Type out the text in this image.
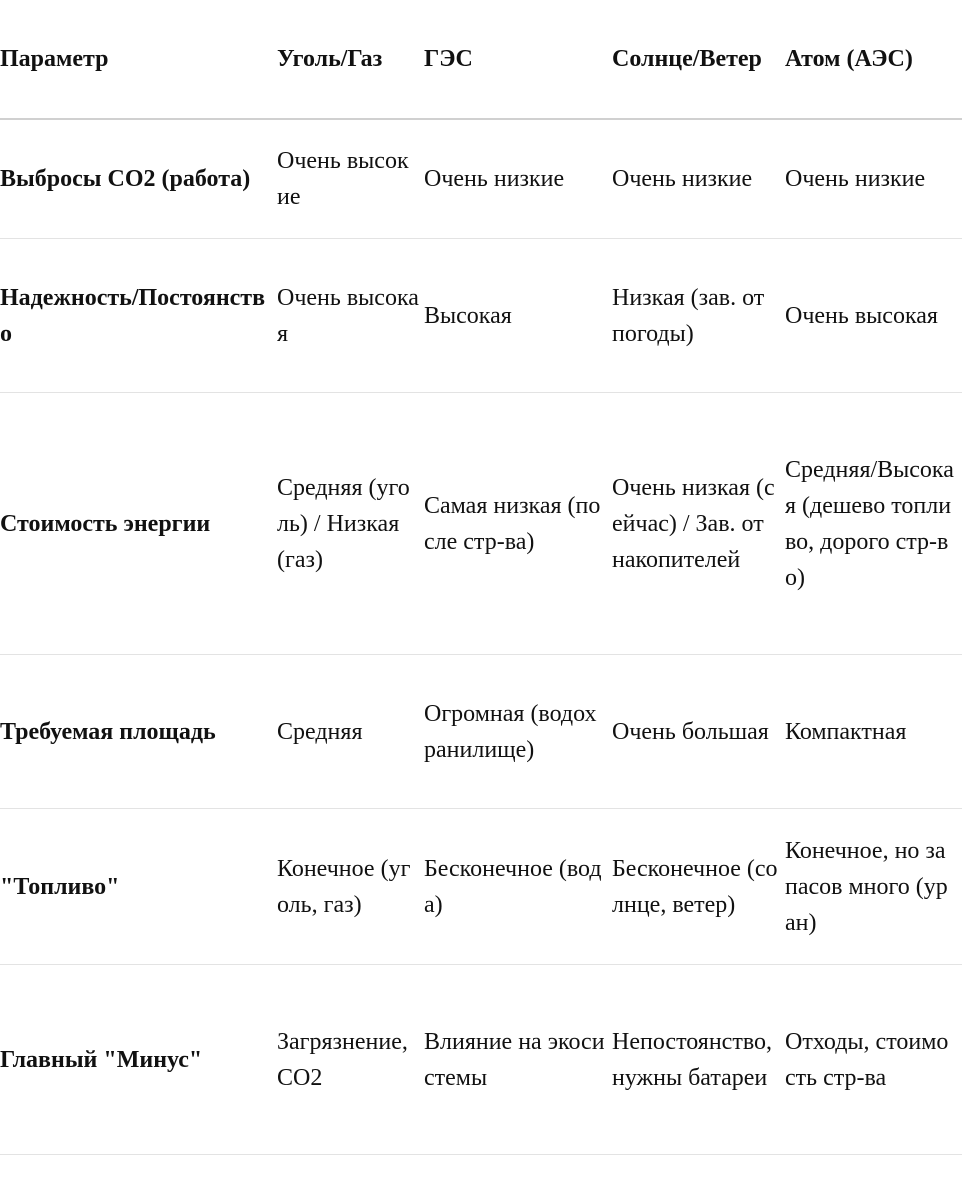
Параметр	Уголь/Газ	ГЭС	Солнце/Ветер	Атом (АЭС)
Выбросы CO2 (работа)	Очень высокие	Очень низкие	Очень низкие	Очень низкие
Надежность/Постоянство	Очень высокая	Высокая	Низкая (зав. от погоды)	Очень высокая
Стоимость энергии	Средняя (уголь) / Низкая (газ)	Самая низкая (после стр-ва)	Очень низкая (сейчас) / Зав. от накопителей	Средняя/Высокая (дешево топливо, дорого стр-во)
Требуемая площадь	Средняя	Огромная (водохранилище)	Очень большая	Компактная
"Топливо"	Конечное (уголь, газ)	Бесконечное (вода)	Бесконечное (солнце, ветер)	Конечное, но запасов много (уран)
Главный "Минус"	Загрязнение, CO2	Влияние на экосистемы	Непостоянство, нужны батареи	Отходы, стоимость стр-ва
